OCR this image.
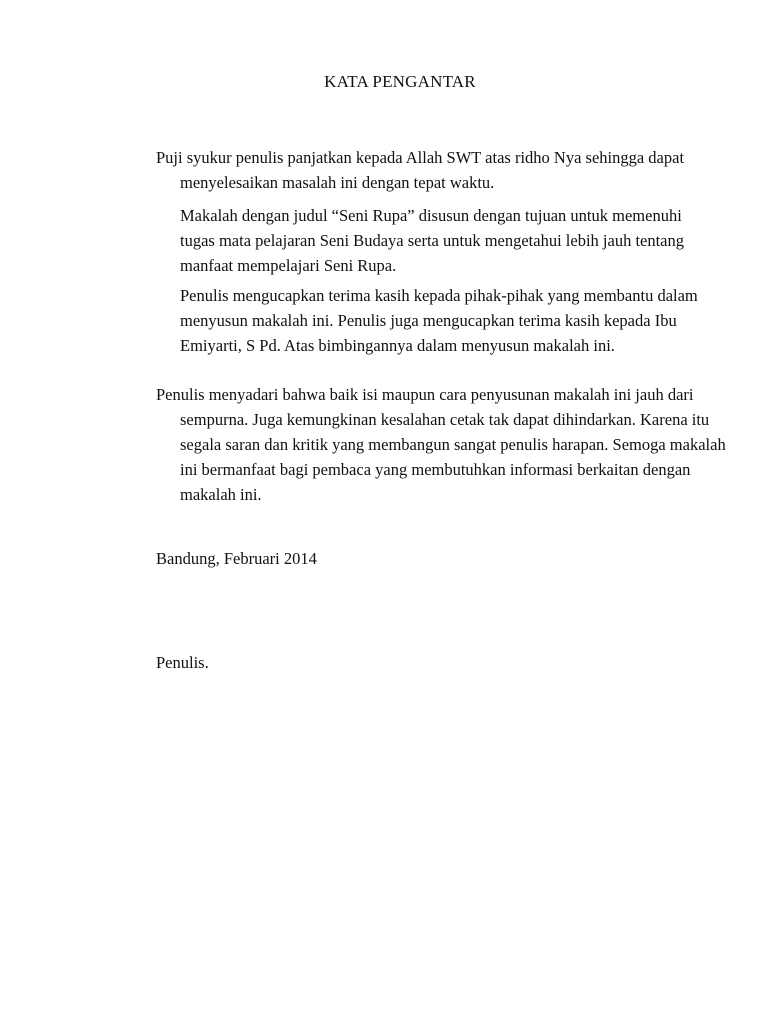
KATA PENGANTAR

Puji syukur penulis panjatkan kepada Allah SWT atas ridho Nya sehingga dapat menyelesaikan masalah ini dengan tepat waktu.

Makalah dengan judul “Seni Rupa” disusun dengan tujuan untuk memenuhi tugas mata pelajaran Seni Budaya serta untuk mengetahui lebih jauh tentang manfaat mempelajari Seni Rupa.

Penulis mengucapkan terima kasih kepada pihak-pihak yang membantu dalam menyusun makalah ini. Penulis juga mengucapkan terima kasih kepada Ibu Emiyarti, S Pd. Atas bimbingannya dalam menyusun makalah ini.

Penulis menyadari bahwa baik isi maupun cara penyusunan makalah ini jauh dari sempurna. Juga kemungkinan kesalahan cetak tak dapat dihindarkan. Karena itu segala saran dan kritik yang membangun sangat penulis harapan. Semoga makalah ini bermanfaat bagi pembaca yang membutuhkan informasi berkaitan dengan makalah ini.

Bandung, Februari 2014

Penulis.
